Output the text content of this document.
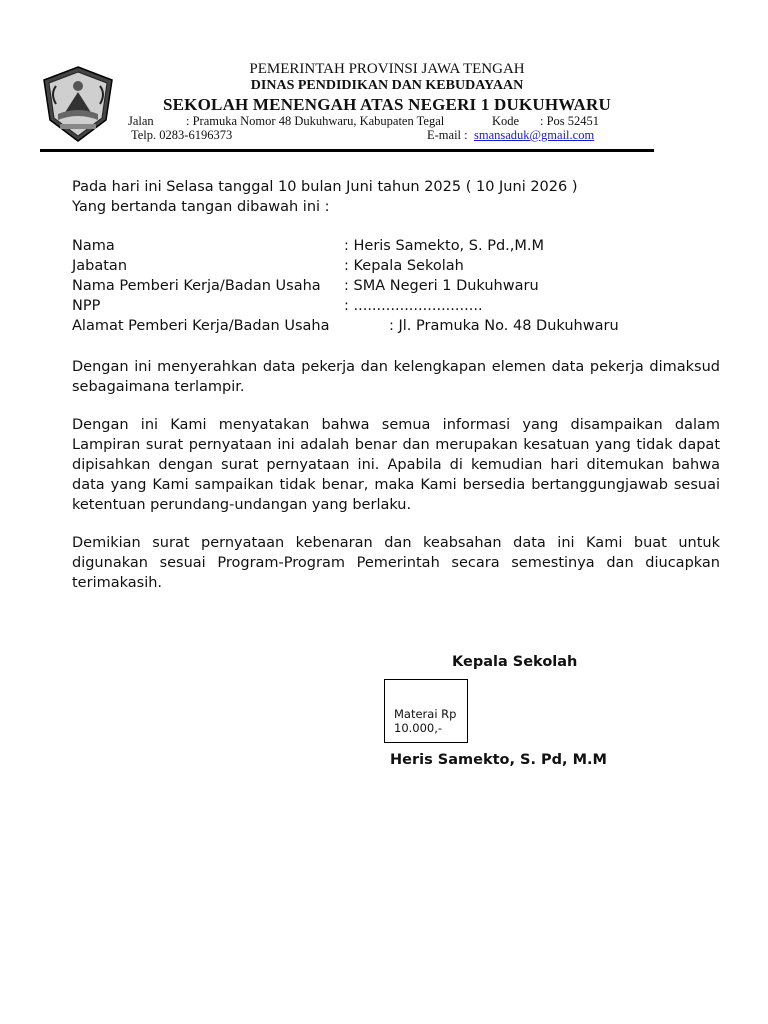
PEMERINTAH PROVINSI JAWA TENGAH
DINAS PENDIDIKAN DAN KEBUDAYAAN
SEKOLAH MENENGAH ATAS NEGERI 1 DUKUHWARU
Jalan	: Pramuka Nomor 48 Dukuhwaru, Kabupaten Tegal	Kode : Pos 52451
Telp. 0283-6196373	E-mail : smansaduk@gmail.com
Pada hari ini Selasa tanggal 10 bulan Juni tahun 2025 ( 10 Juni 2026 )
Yang bertanda tangan dibawah ini :
Nama	: Heris Samekto, S. Pd.,M.M
Jabatan	: Kepala Sekolah
Nama Pemberi Kerja/Badan Usaha : SMA Negeri 1 Dukuhwaru
NPP	: ............................
Alamat Pemberi Kerja/Badan Usaha	: Jl. Pramuka No. 48 Dukuhwaru
Dengan ini menyerahkan data pekerja dan kelengkapan elemen data pekerja dimaksud sebagaimana terlampir.
Dengan ini Kami menyatakan bahwa semua informasi yang disampaikan dalam Lampiran surat pernyataan ini adalah benar dan merupakan kesatuan yang tidak dapat dipisahkan dengan surat pernyataan ini. Apabila di kemudian hari ditemukan bahwa data yang Kami sampaikan tidak benar, maka Kami bersedia bertanggungjawab sesuai ketentuan perundang-undangan yang berlaku.
Demikian surat pernyataan kebenaran dan keabsahan data ini Kami buat untuk digunakan sesuai Program-Program Pemerintah secara semestinya dan diucapkan terimakasih.
Kepala Sekolah
Materai Rp
10.000,-
Heris Samekto, S. Pd, M.M
